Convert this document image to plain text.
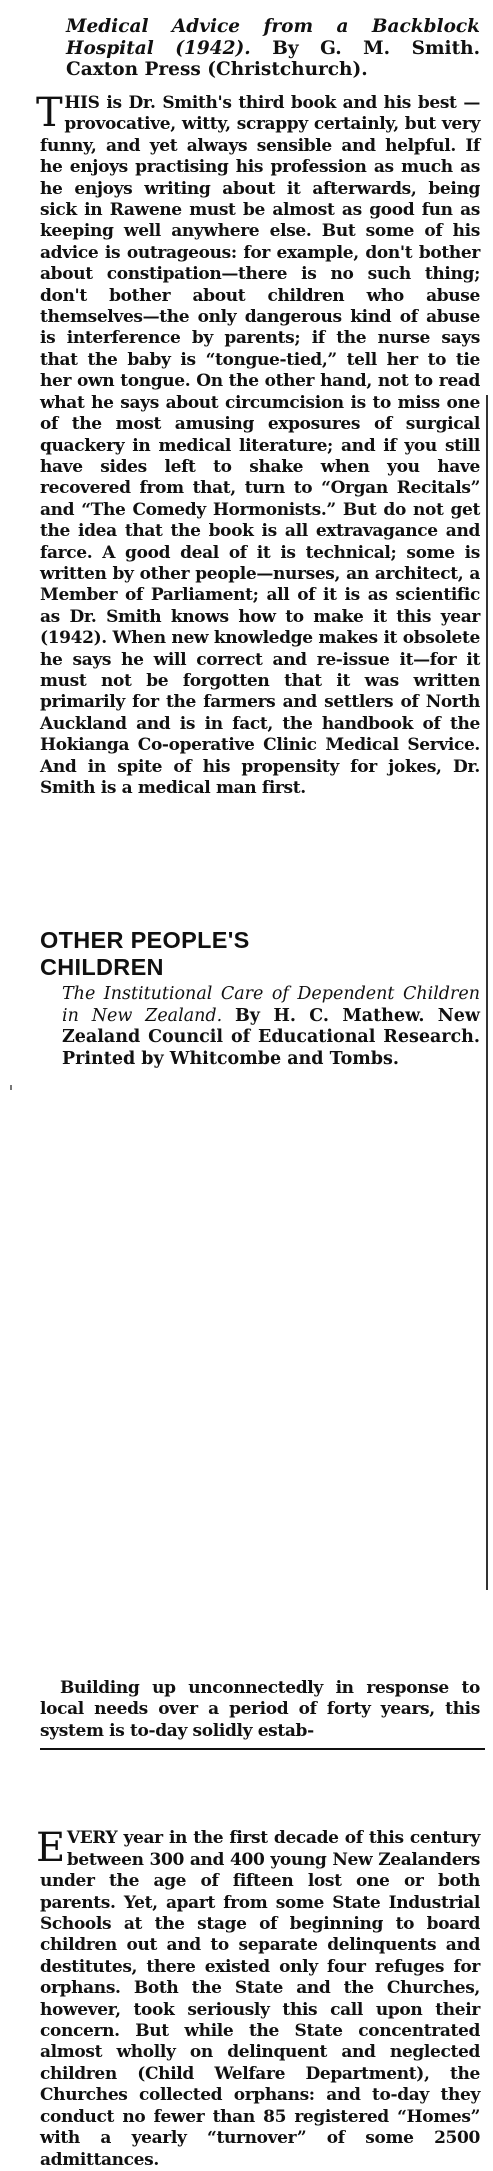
Medical Advice from a Backblock Hospital (1942). By G. M. Smith. Caxton Press (Christchurch).
T HIS is Dr. Smith's third book and his best — provocative, witty, scrappy certainly, but very funny, and yet always sensible and helpful. If he enjoys practising his profession as much as he enjoys writing about it afterwards, being sick in Rawene must be almost as good fun as keeping well anywhere else. But some of his advice is outrageous: for example, don't bother about constipation—there is no such thing; don't bother about children who abuse themselves—the only dangerous kind of abuse is interference by parents; if the nurse says that the baby is “tongue-tied,” tell her to tie her own tongue. On the other hand, not to read what he says about circumcision is to miss one of the most amusing exposures of surgical quackery in medical literature; and if you still have sides left to shake when you have recovered from that, turn to “Organ Recitals” and “The Comedy Hormonists.” But do not get the idea that the book is all extravagance and farce. A good deal of it is technical; some is written by other people—nurses, an architect, a Member of Parliament; all of it is as scientific as Dr. Smith knows how to make it this year (1942). When new knowledge makes it obsolete he says he will correct and re-issue it—for it must not be forgotten that it was written primarily for the farmers and settlers of North Auckland and is in fact, the handbook of the Hokianga Co-operative Clinic Medical Service. And in spite of his propensity for jokes, Dr. Smith is a medical man first.
OTHER PEOPLE'S
CHILDREN
The Institutional Care of Dependent Children in New Zealand. By H. C. Mathew. New Zealand Council of Educational Research. Printed by Whitcombe and Tombs.
E VERY year in the first decade of this century between 300 and 400 young New Zealanders under the age of fifteen lost one or both parents. Yet, apart from some State Industrial Schools at the stage of beginning to board children out and to separate delinquents and destitutes, there existed only four refuges for orphans. Both the State and the Churches, however, took seriously this call upon their concern. But while the State concentrated almost wholly on delinquent and neglected children (Child Welfare Department), the Churches collected orphans: and to-day they conduct no fewer than 85 registered “Homes” with a yearly “turnover” of some 2500 admittances.
Building up unconnectedly in response to local needs over a period of forty years, this system is to-day solidly estab-
